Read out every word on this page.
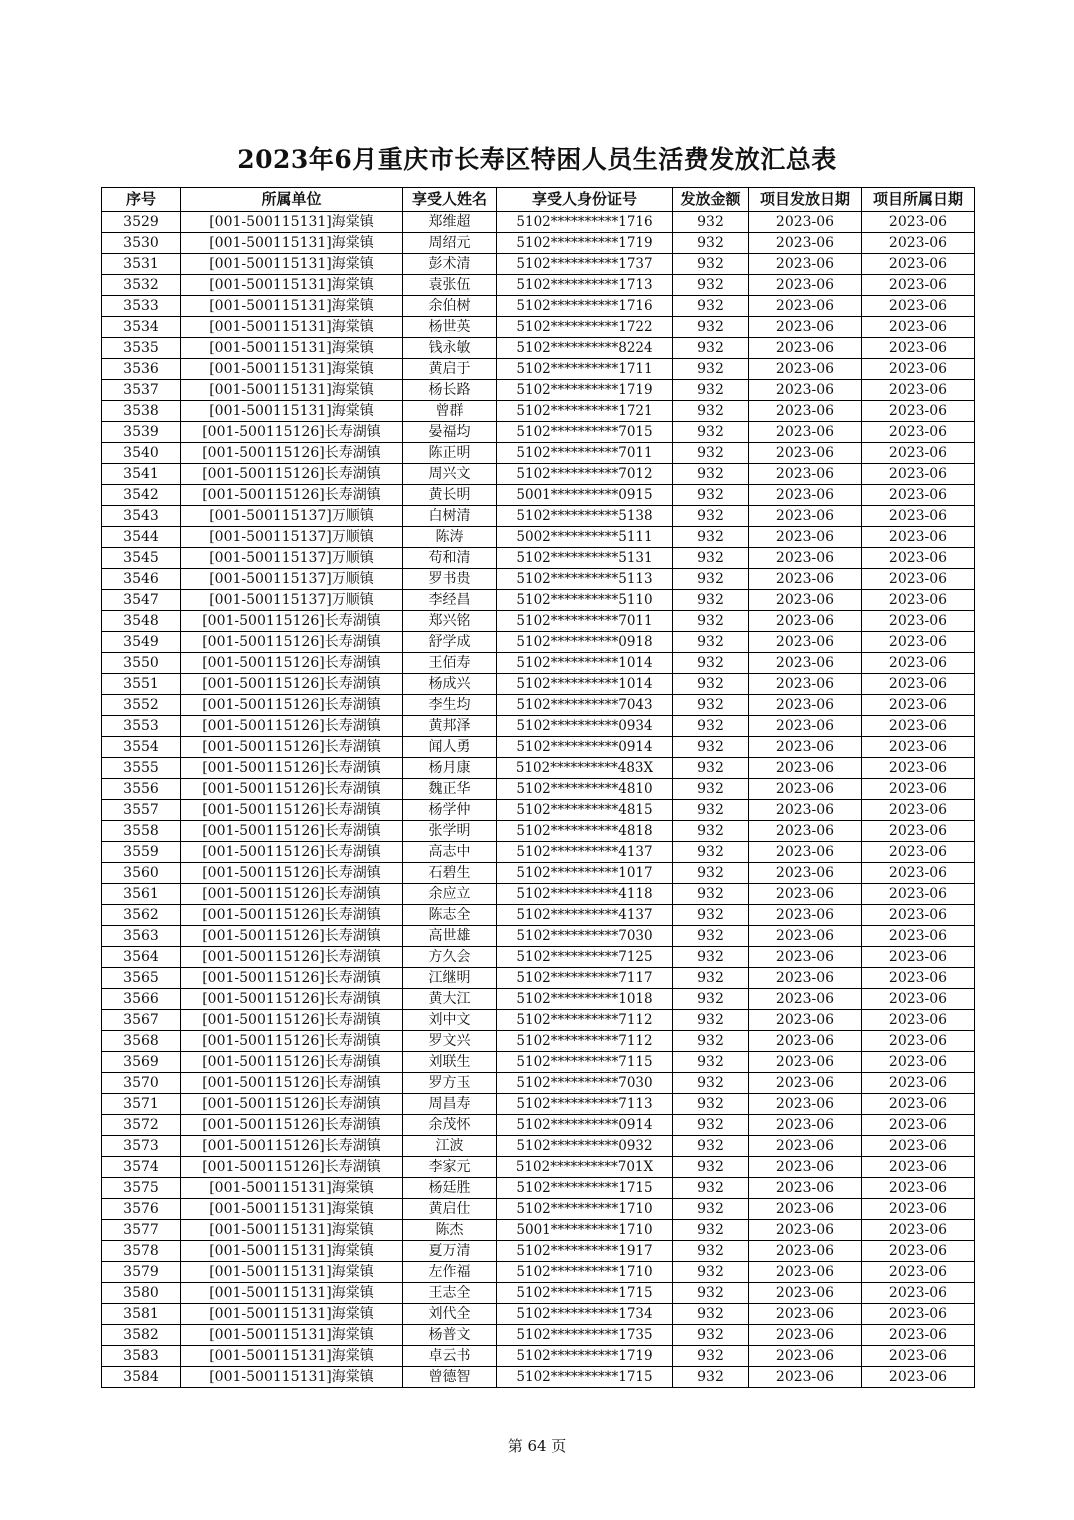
2023年6月重庆市长寿区特困人员生活费发放汇总表
序号	所属单位	享受人姓名	享受人身份证号	发放金额	项目发放日期	项目所属日期
3529	[001-500115131]海棠镇	郑维超	5102**********1716	932	2023-06	2023-06
3530	[001-500115131]海棠镇	周绍元	5102**********1719	932	2023-06	2023-06
3531	[001-500115131]海棠镇	彭术清	5102**********1737	932	2023-06	2023-06
3532	[001-500115131]海棠镇	袁张伍	5102**********1713	932	2023-06	2023-06
3533	[001-500115131]海棠镇	余伯树	5102**********1716	932	2023-06	2023-06
3534	[001-500115131]海棠镇	杨世英	5102**********1722	932	2023-06	2023-06
3535	[001-500115131]海棠镇	钱永敏	5102**********8224	932	2023-06	2023-06
3536	[001-500115131]海棠镇	黄启于	5102**********1711	932	2023-06	2023-06
3537	[001-500115131]海棠镇	杨长路	5102**********1719	932	2023-06	2023-06
3538	[001-500115131]海棠镇	曾群	5102**********1721	932	2023-06	2023-06
3539	[001-500115126]长寿湖镇	晏福均	5102**********7015	932	2023-06	2023-06
3540	[001-500115126]长寿湖镇	陈正明	5102**********7011	932	2023-06	2023-06
3541	[001-500115126]长寿湖镇	周兴文	5102**********7012	932	2023-06	2023-06
3542	[001-500115126]长寿湖镇	黄长明	5001**********0915	932	2023-06	2023-06
3543	[001-500115137]万顺镇	白树清	5102**********5138	932	2023-06	2023-06
3544	[001-500115137]万顺镇	陈涛	5002**********5111	932	2023-06	2023-06
3545	[001-500115137]万顺镇	苟和清	5102**********5131	932	2023-06	2023-06
3546	[001-500115137]万顺镇	罗书贵	5102**********5113	932	2023-06	2023-06
3547	[001-500115137]万顺镇	李经昌	5102**********5110	932	2023-06	2023-06
3548	[001-500115126]长寿湖镇	郑兴铭	5102**********7011	932	2023-06	2023-06
3549	[001-500115126]长寿湖镇	舒学成	5102**********0918	932	2023-06	2023-06
3550	[001-500115126]长寿湖镇	王佰寿	5102**********1014	932	2023-06	2023-06
3551	[001-500115126]长寿湖镇	杨成兴	5102**********1014	932	2023-06	2023-06
3552	[001-500115126]长寿湖镇	李生均	5102**********7043	932	2023-06	2023-06
3553	[001-500115126]长寿湖镇	黄邦泽	5102**********0934	932	2023-06	2023-06
3554	[001-500115126]长寿湖镇	闻人勇	5102**********0914	932	2023-06	2023-06
3555	[001-500115126]长寿湖镇	杨月康	5102**********483X	932	2023-06	2023-06
3556	[001-500115126]长寿湖镇	魏正华	5102**********4810	932	2023-06	2023-06
3557	[001-500115126]长寿湖镇	杨学仲	5102**********4815	932	2023-06	2023-06
3558	[001-500115126]长寿湖镇	张学明	5102**********4818	932	2023-06	2023-06
3559	[001-500115126]长寿湖镇	高志中	5102**********4137	932	2023-06	2023-06
3560	[001-500115126]长寿湖镇	石碧生	5102**********1017	932	2023-06	2023-06
3561	[001-500115126]长寿湖镇	余应立	5102**********4118	932	2023-06	2023-06
3562	[001-500115126]长寿湖镇	陈志全	5102**********4137	932	2023-06	2023-06
3563	[001-500115126]长寿湖镇	高世雄	5102**********7030	932	2023-06	2023-06
3564	[001-500115126]长寿湖镇	方久会	5102**********7125	932	2023-06	2023-06
3565	[001-500115126]长寿湖镇	江继明	5102**********7117	932	2023-06	2023-06
3566	[001-500115126]长寿湖镇	黄大江	5102**********1018	932	2023-06	2023-06
3567	[001-500115126]长寿湖镇	刘中文	5102**********7112	932	2023-06	2023-06
3568	[001-500115126]长寿湖镇	罗文兴	5102**********7112	932	2023-06	2023-06
3569	[001-500115126]长寿湖镇	刘联生	5102**********7115	932	2023-06	2023-06
3570	[001-500115126]长寿湖镇	罗方玉	5102**********7030	932	2023-06	2023-06
3571	[001-500115126]长寿湖镇	周昌寿	5102**********7113	932	2023-06	2023-06
3572	[001-500115126]长寿湖镇	余茂怀	5102**********0914	932	2023-06	2023-06
3573	[001-500115126]长寿湖镇	江波	5102**********0932	932	2023-06	2023-06
3574	[001-500115126]长寿湖镇	李家元	5102**********701X	932	2023-06	2023-06
3575	[001-500115131]海棠镇	杨廷胜	5102**********1715	932	2023-06	2023-06
3576	[001-500115131]海棠镇	黄启仕	5102**********1710	932	2023-06	2023-06
3577	[001-500115131]海棠镇	陈杰	5001**********1710	932	2023-06	2023-06
3578	[001-500115131]海棠镇	夏万清	5102**********1917	932	2023-06	2023-06
3579	[001-500115131]海棠镇	左作福	5102**********1710	932	2023-06	2023-06
3580	[001-500115131]海棠镇	王志全	5102**********1715	932	2023-06	2023-06
3581	[001-500115131]海棠镇	刘代全	5102**********1734	932	2023-06	2023-06
3582	[001-500115131]海棠镇	杨普文	5102**********1735	932	2023-06	2023-06
3583	[001-500115131]海棠镇	卓云书	5102**********1719	932	2023-06	2023-06
3584	[001-500115131]海棠镇	曾德智	5102**********1715	932	2023-06	2023-06
第 64 页
